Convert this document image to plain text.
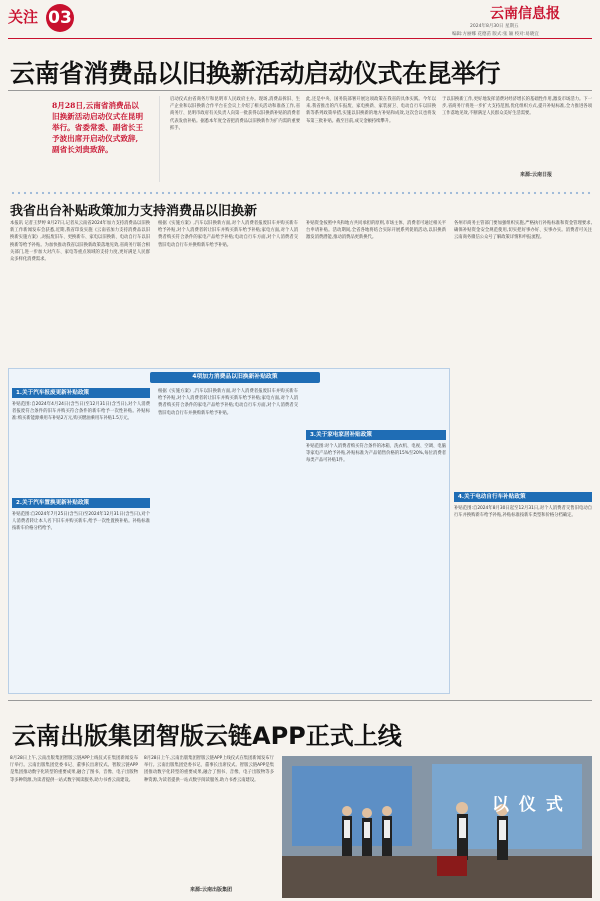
关注 03	云南信息报
2024年8月30日 星期五
编辑:方丽娜 花德苗 版式:张 颖 校对:易晓宜
云南省消费品以旧换新活动启动仪式在昆举行
8月28日,云南省消费品以旧换新活动启动仪式在昆明举行。省委常委、副省长王予波出席开启动仪式致辞,副省长刘贵致辞。
启动仪式由省商务厅和昆明市人民政府主办。现场,消费品拆旧、生产企业和以旧换新合作平台在会议上介绍了相关活动和准备工作,省商务厅、昆明市政府有关负责人向第一批获得以旧换新补贴的消费者代表发放补贴。据悉本年度全省把消费品以旧换新作为扩内需的重要抓手。
此,还是中央、国务院部署开展这项政策在我省的具体实践。今年以来,我省推出的汽车报废、家电换新、家装厨卫、电动自行车以旧换新等系列政策举措,实施以旧换新的地方补贴和成效,这次会议也将发布第三批补贴。截至目前,成交金额持续攀升。
于以旧换新工作,更好地发挥消费对经济增长的基础性作用,激发市场活力。下一步,省商务厅将进一步扩大支持范围,优化组织方式,提升补贴标准,全力推进各项工作落地见效,不断满足人民群众美好生活需要。
来源:云南日报
我省出台补贴政策加力支持消费品以旧换新
本报讯 记者王梦婷 8月27日,记者从云南省2024年加力支持消费品以旧换新工作新闻发布会获悉,近期,我省印发实施《云南省加力支持消费品以旧换新实施方案》,对报废旧车、更换新车、家电以旧换新、电动自行车以旧换新等给予补贴。为加快推动我省以旧换新政策落地见效,省商务厅联合相关部门,进一步加大对汽车、家电等重点领域的支持力度,更好满足人民群众多样化消费需求。
根据《实施方案》,汽车以旧换新方面,对个人消费者报废旧车并购买新车给予补贴,对个人消费者转让旧车并购买新车给予补贴;家电方面,对个人消费者购买符合条件的家电产品给予补贴;电动自行车方面,对个人消费者交售旧电动自行车并换购新车给予补贴。
补贴资金按照中央和地方共同承担的原则,市场主体、消费者可通过相关平台申请补贴。活动期间,全省各地将结合实际开展系列促销活动,以旧换新激发消费潜能,推动消费品更新换代。
各州市商务主管部门要加强组织实施,严格执行补贴标准和资金管理要求,确保补贴资金安全规范使用,切实把好事办好、实事办实。消费者可关注云南商务微信公众号了解政策详情和申报流程。
4项加力消费品以旧换新补贴政策
1.关于汽车报废更新补贴政策
补贴范围:自2024年4月24日(含当日)至12月31日(含当日),对个人消费者报废符合条件的旧车并购买符合条件的新车给予一次性补贴。补贴标准:购买新能源乘用车补贴2万元,购买燃油乘用车补贴1.5万元。
2.关于汽车置换更新补贴政策
补贴范围:自2024年7月25日(含当日)至2024年12月31日(含当日),对个人消费者转让本人名下旧车并购买新车,给予一次性置换补贴。补贴标准按新车价格分档给予。
根据《实施方案》,汽车以旧换新方面,对个人消费者报废旧车并购买新车给予补贴,对个人消费者转让旧车并购买新车给予补贴;家电方面,对个人消费者购买符合条件的家电产品给予补贴;电动自行车方面,对个人消费者交售旧电动自行车并换购新车给予补贴。
3.关于家电家居补贴政策
补贴范围:对个人消费者购买符合条件的冰箱、洗衣机、电视、空调、电脑等家电产品给予补贴,补贴标准为产品销售价格的15%至20%,每位消费者每类产品可补贴1件。
4.关于电动自行车补贴政策
补贴范围:自2024年8月30日起至12月31日,对个人消费者交售旧电动自行车并换购新车给予补贴,补贴标准按新车类型和价格分档确定。
云南出版集团智版云链APP正式上线
8月28日上午,云南出版集团智版云链APP上线仪式在集团新闻发布厅举行。云南出版集团党委书记、董事长出席仪式。智版云链APP是集团推动数字化转型的重要成果,融合了图书、音像、电子出版物等多种资源,为读者提供一站式数字阅读服务,助力书香云南建设。
8月28日上午,云南出版集团智版云链APP上线仪式在集团新闻发布厅举行。云南出版集团党委书记、董事长出席仪式。智版云链APP是集团推动数字化转型的重要成果,融合了图书、音像、电子出版物等多种资源,为读者提供一站式数字阅读服务,助力书香云南建设。
来源:云南出版集团
以 仪 式
